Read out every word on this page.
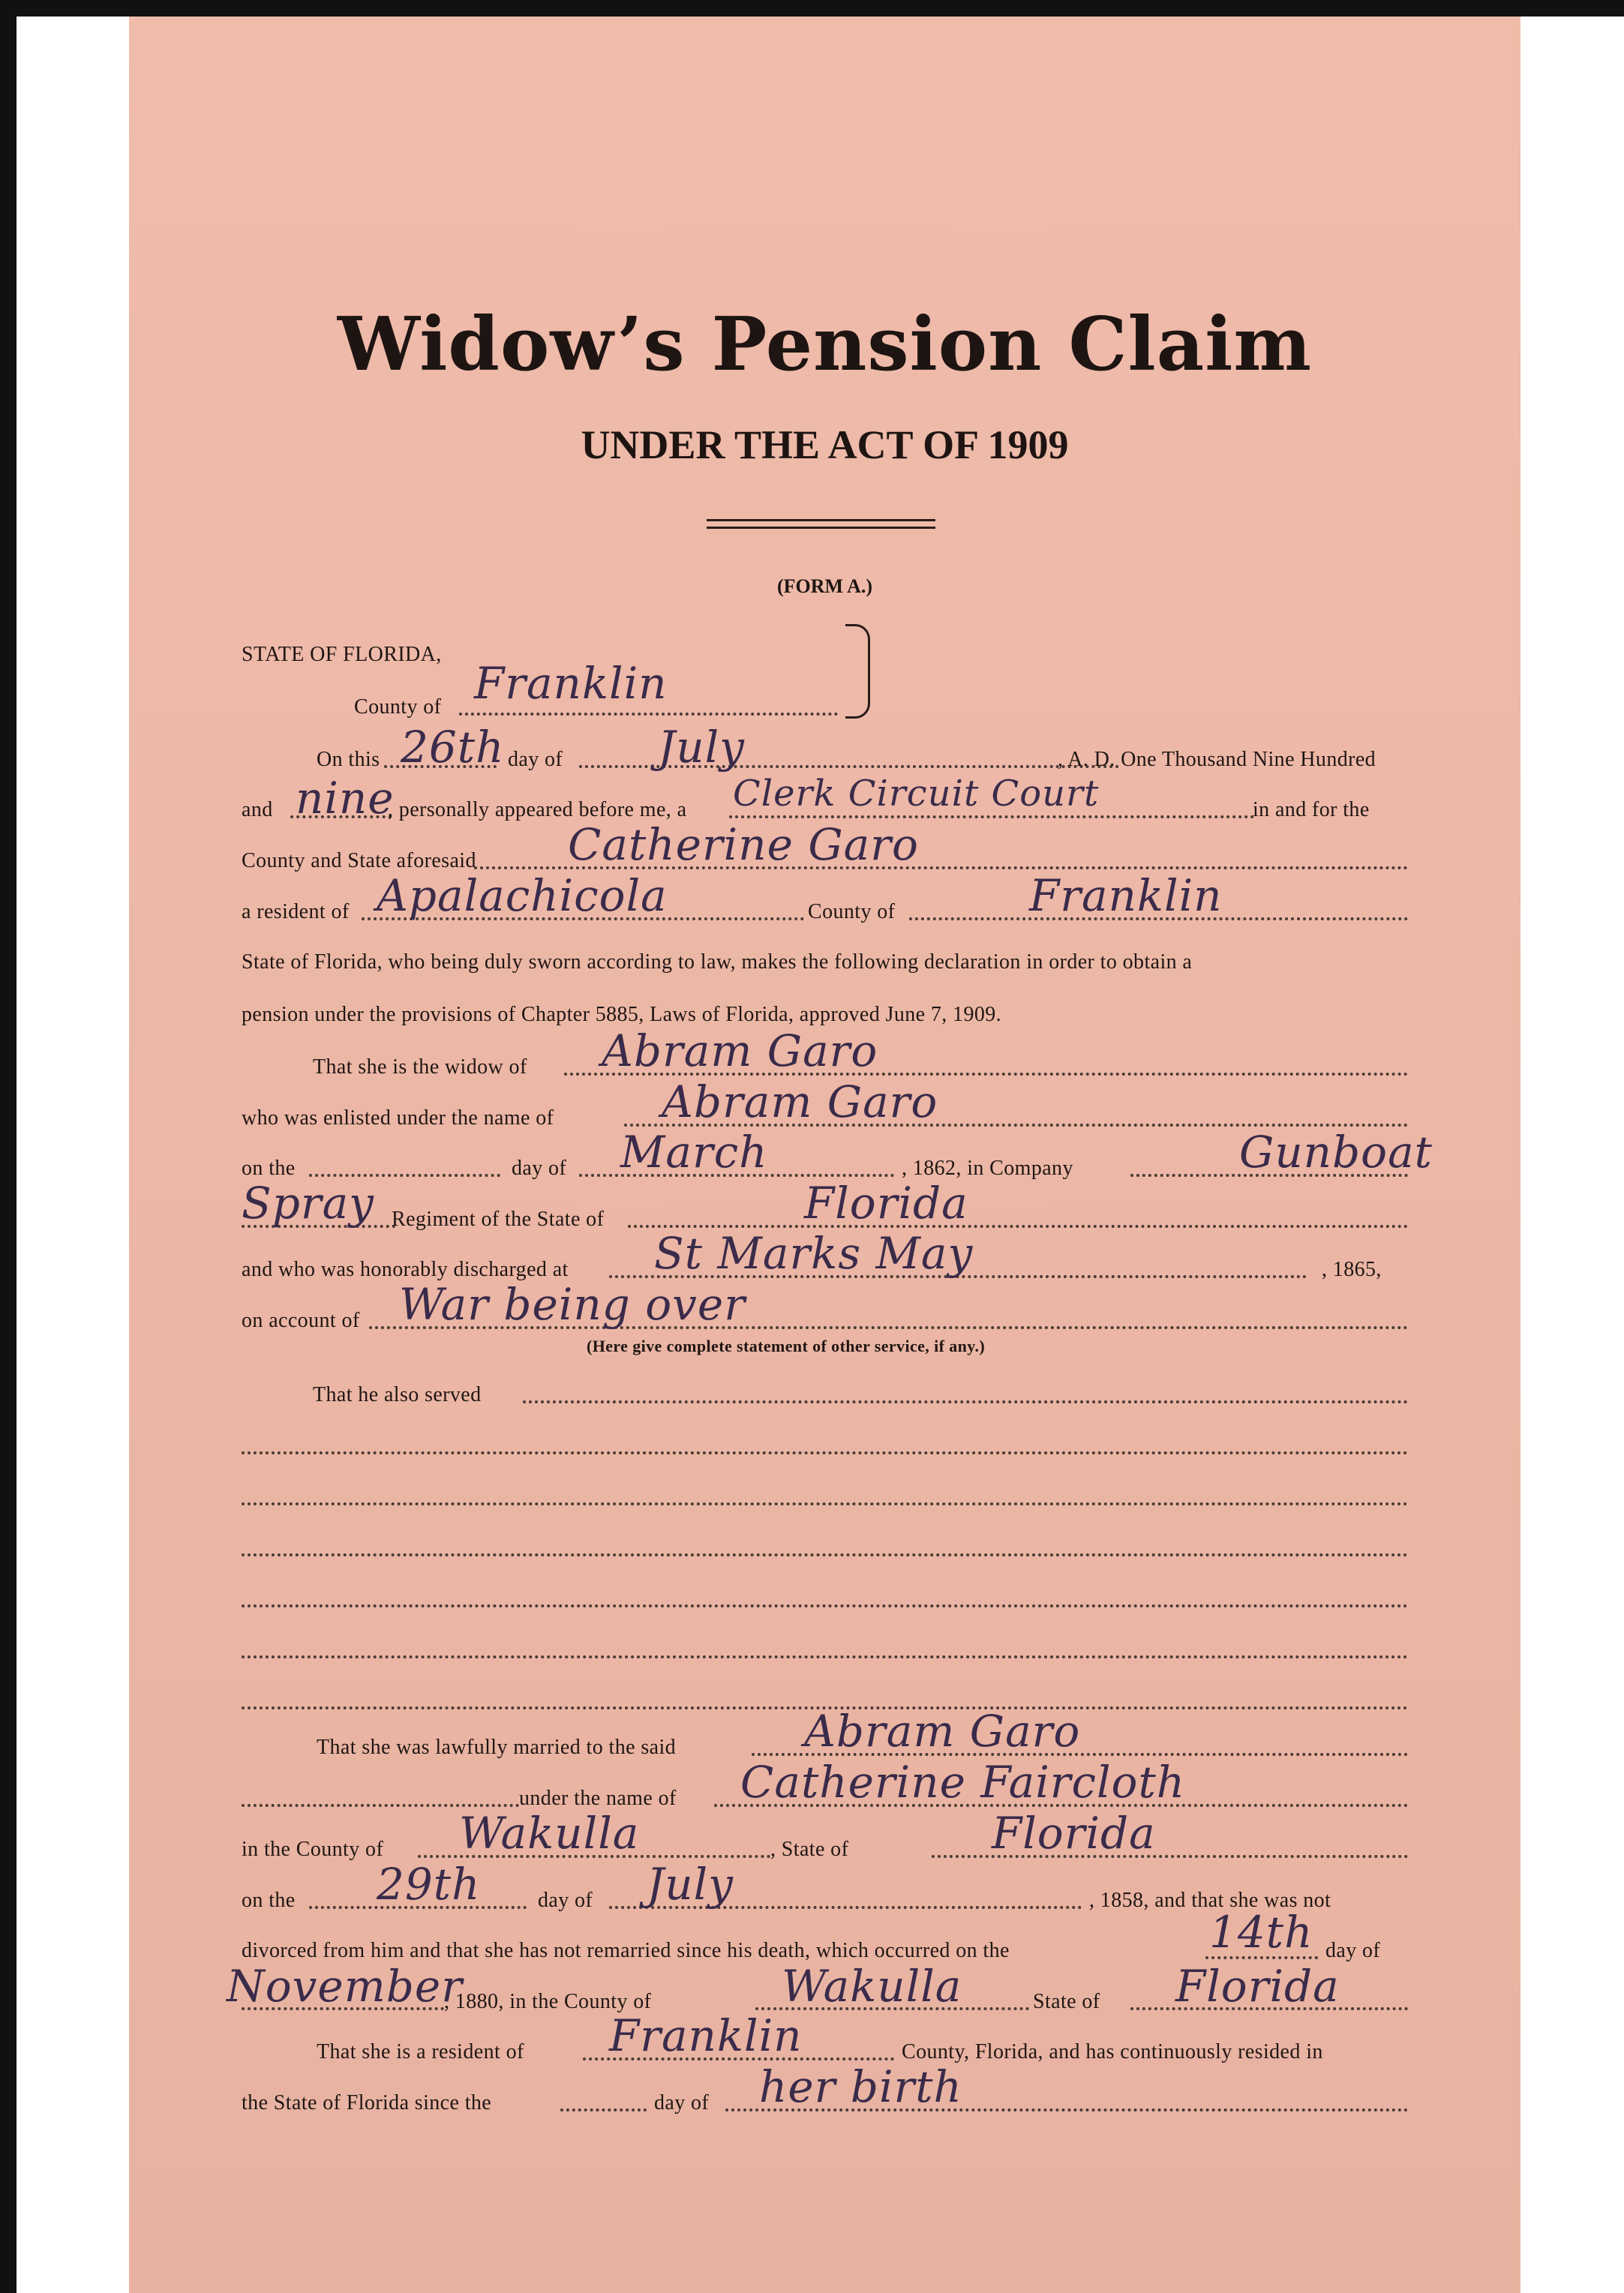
Widow’s Pension Claim
UNDER THE ACT OF 1909
(FORM A.)
STATE OF FLORIDA,
County of Franklin
On this 26th day of July	, A. D. One Thousand Nine Hundred
and nine
, personally appeared before me, a Clerk Circuit Court	in and for the
County and State aforesaid Catherine Garo
a resident of Apalachicola	County of	Franklin
State of Florida, who being duly sworn according to law, makes the following declaration in order to obtain a
pension under the provisions of Chapter 5885, Laws of Florida, approved June 7, 1909.
That she is the widow of Abram Garo
who was enlisted under the name of Abram Garo
on the	day of March	, 1862, in Company	Gunboat
Spray Regiment of the State of	Florida
and who was honorably discharged at St Marks May	, 1865,
on account of War being over
(Here give complete statement of other service, if any.)
That he also served
That she was lawfully married to the said	Abram Garo
under the name of Catherine Faircloth
in the County of Wakulla	, State of	Florida
on the 29th	day of July	, 1858, and that she was not
divorced from him and that she has not remarried since his death, which occurred on the	14th day of
November
, 1880, in the County of	Wakulla	State of Florida
That she is a resident of Franklin	County, Florida, and has continuously resided in
the State of Florida since the	day of her birth
